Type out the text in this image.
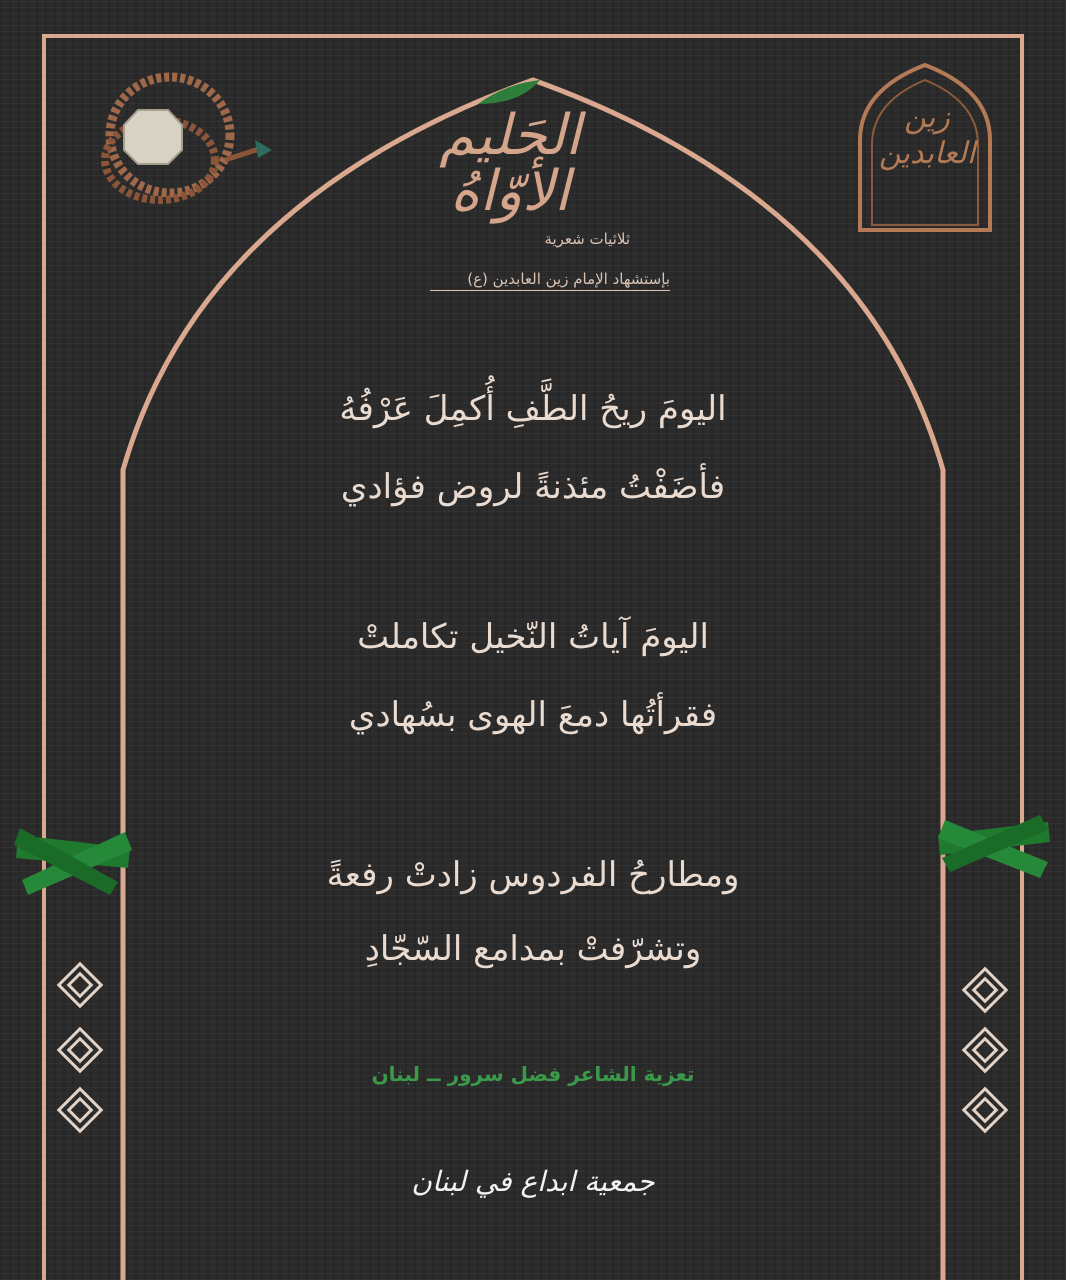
زين العابدين
الحَليم الأوّاهُ
ثلاثيات شعرية
بإستشهاد الإمام زين العابدين (ع)
اليومَ ريحُ الطَّفِ أُكمِلَ عَرْفُهُ
فأضَفْتُ مئذنةً لروض فؤادي
اليومَ آياتُ النّخيل تكاملتْ
فقرأتُها دمعَ الهوى بسُهادي
ومطارحُ الفردوس زادتْ رفعةً
وتشرّفتْ بمدامع السّجّادِ
تعزية الشاعر فضل سرور ــ لبنان
جمعية ابداع في لبنان
